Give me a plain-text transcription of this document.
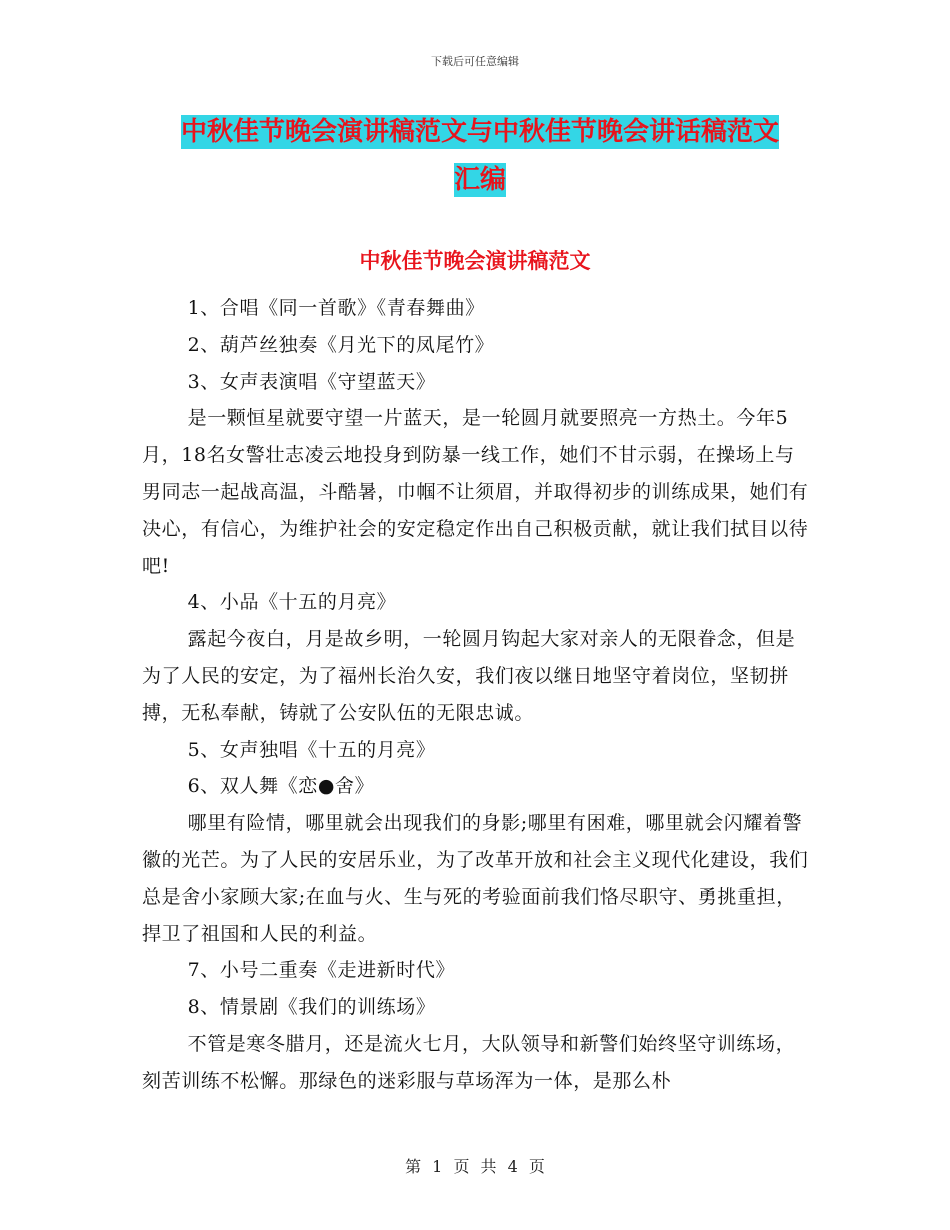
下载后可任意编辑
中秋佳节晚会演讲稿范文与中秋佳节晚会讲话稿范文
汇编
中秋佳节晚会演讲稿范文

1、合唱《同一首歌》《青春舞曲》

2、葫芦丝独奏《月光下的凤尾竹》

3、女声表演唱《守望蓝天》

是一颗恒星就要守望一片蓝天，是一轮圆月就要照亮一方热土。今年5月，18名女警壮志凌云地投身到防暴一线工作，她们不甘示弱，在操场上与男同志一起战高温，斗酷暑，巾帼不让须眉，并取得初步的训练成果，她们有决心，有信心，为维护社会的安定稳定作出自己积极贡献，就让我们拭目以待吧!

4、小品《十五的月亮》

露起今夜白，月是故乡明，一轮圆月钩起大家对亲人的无限眷念，但是为了人民的安定，为了福州长治久安，我们夜以继日地坚守着岗位，坚韧拼搏，无私奉献，铸就了公安队伍的无限忠诚。

5、女声独唱《十五的月亮》

6、双人舞《恋●舍》

哪里有险情，哪里就会出现我们的身影;哪里有困难，哪里就会闪耀着警徽的光芒。为了人民的安居乐业，为了改革开放和社会主义现代化建设，我们总是舍小家顾大家;在血与火、生与死的考验面前我们恪尽职守、勇挑重担，捍卫了祖国和人民的利益。

7、小号二重奏《走进新时代》

8、情景剧《我们的训练场》

不管是寒冬腊月，还是流火七月，大队领导和新警们始终坚守训练场，刻苦训练不松懈。那绿色的迷彩服与草场浑为一体，是那么朴

第 1 页 共 4 页
